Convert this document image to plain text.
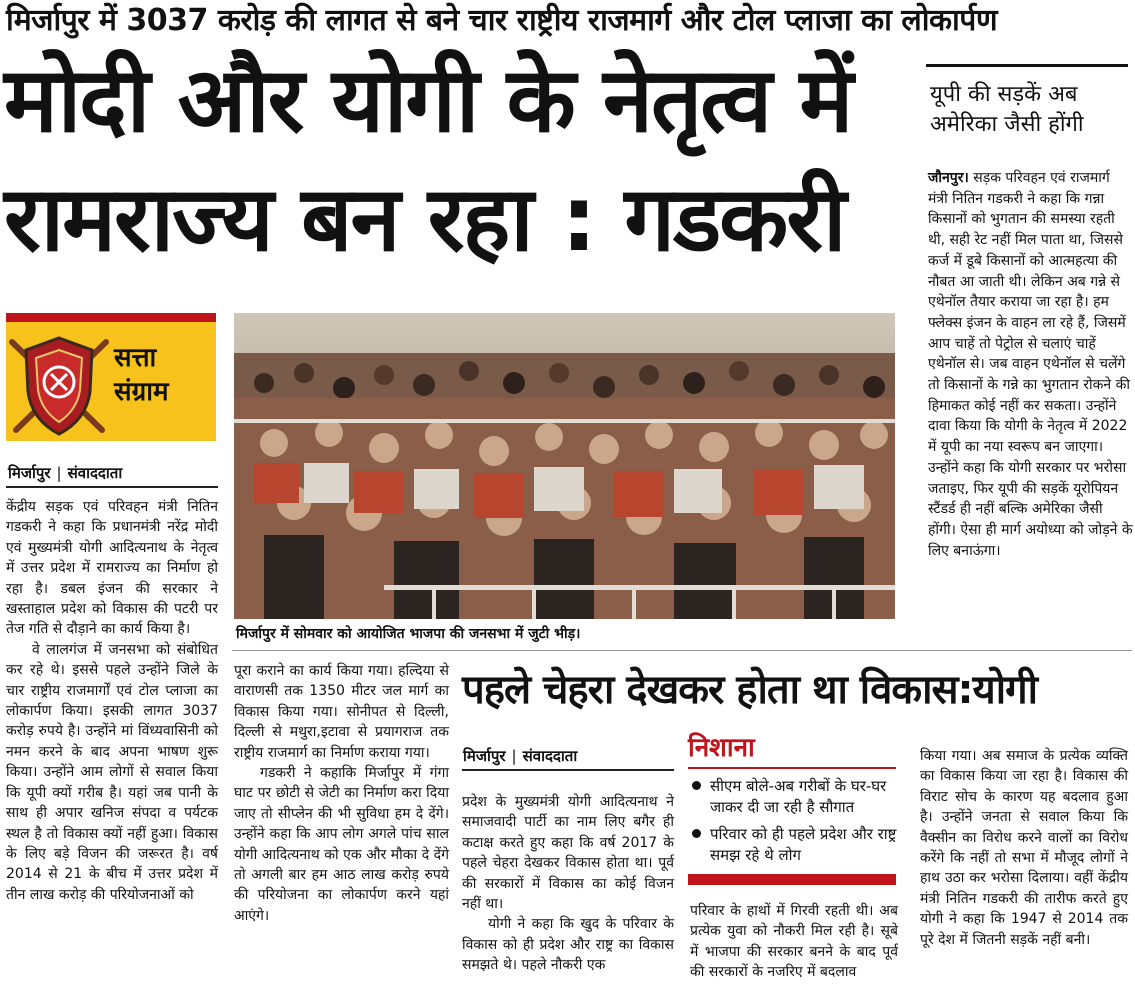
मिर्जापुर में 3037 करोड़ की लागत से बने चार राष्ट्रीय राजमार्ग और टोल प्लाजा का लोकार्पण
मोदी और योगी के नेतृत्व में
रामराज्य बन रहा : गडकरी
यूपी की सड़कें अब अमेरिका जैसी होंगी
जौनपुर। सड़क परिवहन एवं राजमार्ग मंत्री नितिन गडकरी ने कहा कि गन्ना किसानों को भुगतान की समस्या रहती थी, सही रेट नहीं मिल पाता था, जिससे कर्ज में डूबे किसानों को आत्महत्या की नौबत आ जाती थी। लेकिन अब गन्ने से एथेनॉल तैयार कराया जा रहा है। हम फ्लेक्स इंजन के वाहन ला रहे हैं, जिसमें आप चाहें तो पेट्रोल से चलाएं चाहें एथेनॉल से। जब वाहन एथेनॉल से चलेंगे तो किसानों के गन्ने का भुगतान रोकने की हिमाकत कोई नहीं कर सकता। उन्होंने दावा किया कि योगी के नेतृत्व में 2022 में यूपी का नया स्वरूप बन जाएगा। उन्होंने कहा कि योगी सरकार पर भरोसा जताइए, फिर यूपी की सड़कें यूरोपियन स्टैंडर्ड ही नहीं बल्कि अमेरिका जैसी होंगी। ऐसा ही मार्ग अयोध्या को जोड़ने के लिए बनाऊंगा।
सत्ता
संग्राम
मिर्जापुर | संवाददाता

केंद्रीय सड़क एवं परिवहन मंत्री नितिन गडकरी ने कहा कि प्रधानमंत्री नरेंद्र मोदी एवं मुख्यमंत्री योगी आदित्यनाथ के नेतृत्व में उत्तर प्रदेश में रामराज्य का निर्माण हो रहा है। डबल इंजन की सरकार ने खस्ताहाल प्रदेश को विकास की पटरी पर तेज गति से दौड़ाने का कार्य किया है।

वे लालगंज में जनसभा को संबोधित कर रहे थे। इससे पहले उन्होंने जिले के चार राष्ट्रीय राजमार्गों एवं टोल प्लाजा का लोकार्पण किया। इसकी लागत 3037 करोड़ रुपये है। उन्होंने मां विंध्यवासिनी को नमन करने के बाद अपना भाषण शुरू किया। उन्होंने आम लोगों से सवाल किया कि यूपी क्यों गरीब है। यहां जब पानी के साथ ही अपार खनिज संपदा व पर्यटक स्थल है तो विकास क्यों नहीं हुआ। विकास के लिए बड़े विजन की जरूरत है। वर्ष 2014 से 21 के बीच में उत्तर प्रदेश में तीन लाख करोड़ की परियोजनाओं को

मिर्जापुर में सोमवार को आयोजित भाजपा की जनसभा में जुटी भीड़।

पूरा कराने का कार्य किया गया। हल्दिया से वाराणसी तक 1350 मीटर जल मार्ग का विकास किया गया। सोनीपत से दिल्ली, दिल्ली से मथुरा,इटावा से प्रयागराज तक राष्ट्रीय राजमार्ग का निर्माण कराया गया।

गडकरी ने कहाकि मिर्जापुर में गंगा घाट पर छोटी से जेटी का निर्माण करा दिया जाए तो सीप्लेन की भी सुविधा हम दे देंगे। उन्होंने कहा कि आप लोग अगले पांच साल योगी आदित्यनाथ को एक और मौका दे देंगे तो अगली बार हम आठ लाख करोड़ रुपये की परियोजना का लोकार्पण करने यहां आएंगे।

पहले चेहरा देखकर होता था विकास:योगी
मिर्जापुर | संवाददाता

प्रदेश के मुख्यमंत्री योगी आदित्यनाथ ने समाजवादी पार्टी का नाम लिए बगैर ही कटाक्ष करते हुए कहा कि वर्ष 2017 के पहले चेहरा देखकर विकास होता था। पूर्व की सरकारों में विकास का कोई विजन नहीं था।

योगी ने कहा कि खुद के परिवार के विकास को ही प्रदेश और राष्ट्र का विकास समझते थे। पहले नौकरी एक

निशाना
सीएम बोले-अब गरीबों के घर-घर जाकर दी जा रही है सौगात
परिवार को ही पहले प्रदेश और राष्ट्र समझ रहे थे लोग

परिवार के हाथों में गिरवी रहती थी। अब प्रत्येक युवा को नौकरी मिल रही है। सूबे में भाजपा की सरकार बनने के बाद पूर्व की सरकारों के नजरिए में बदलाव

किया गया। अब समाज के प्रत्येक व्यक्ति का विकास किया जा रहा है। विकास की विराट सोच के कारण यह बदलाव हुआ है। उन्होंने जनता से सवाल किया कि वैक्सीन का विरोध करने वालों का विरोध करेंगे कि नहीं तो सभा में मौजूद लोगों ने हाथ उठा कर भरोसा दिलाया। वहीं केंद्रीय मंत्री नितिन गडकरी की तारीफ करते हुए योगी ने कहा कि 1947 से 2014 तक पूरे देश में जितनी सड़कें नहीं बनी।
